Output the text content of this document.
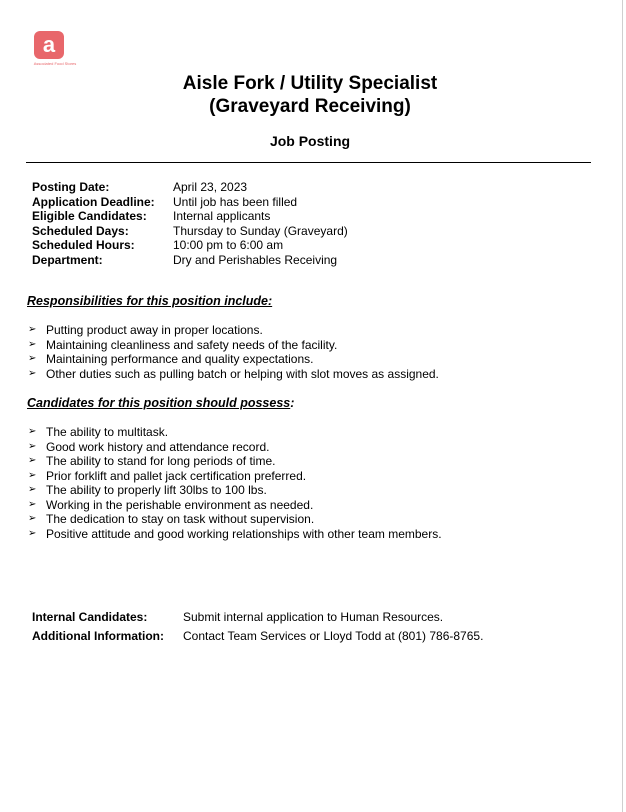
a
Associated Food Stores
Aisle Fork / Utility Specialist
(Graveyard Receiving)
Job Posting
Posting Date:	April 23, 2023
Application Deadline:	Until job has been filled
Eligible Candidates:	Internal applicants
Scheduled Days:	Thursday to Sunday (Graveyard)
Scheduled Hours:	10:00 pm to 6:00 am
Department:	Dry and Perishables Receiving
Responsibilities for this position include:
➢ Putting product away in proper locations.
➢ Maintaining cleanliness and safety needs of the facility.
➢ Maintaining performance and quality expectations.
➢ Other duties such as pulling batch or helping with slot moves as assigned.
Candidates for this position should possess:
➢ The ability to multitask.
➢ Good work history and attendance record.
➢ The ability to stand for long periods of time.
➢ Prior forklift and pallet jack certification preferred.
➢ The ability to properly lift 30lbs to 100 lbs.
➢ Working in the perishable environment as needed.
➢ The dedication to stay on task without supervision.
➢ Positive attitude and good working relationships with other team members.
Internal Candidates:	Submit internal application to Human Resources.
Additional Information:	Contact Team Services or Lloyd Todd at (801) 786-8765.
